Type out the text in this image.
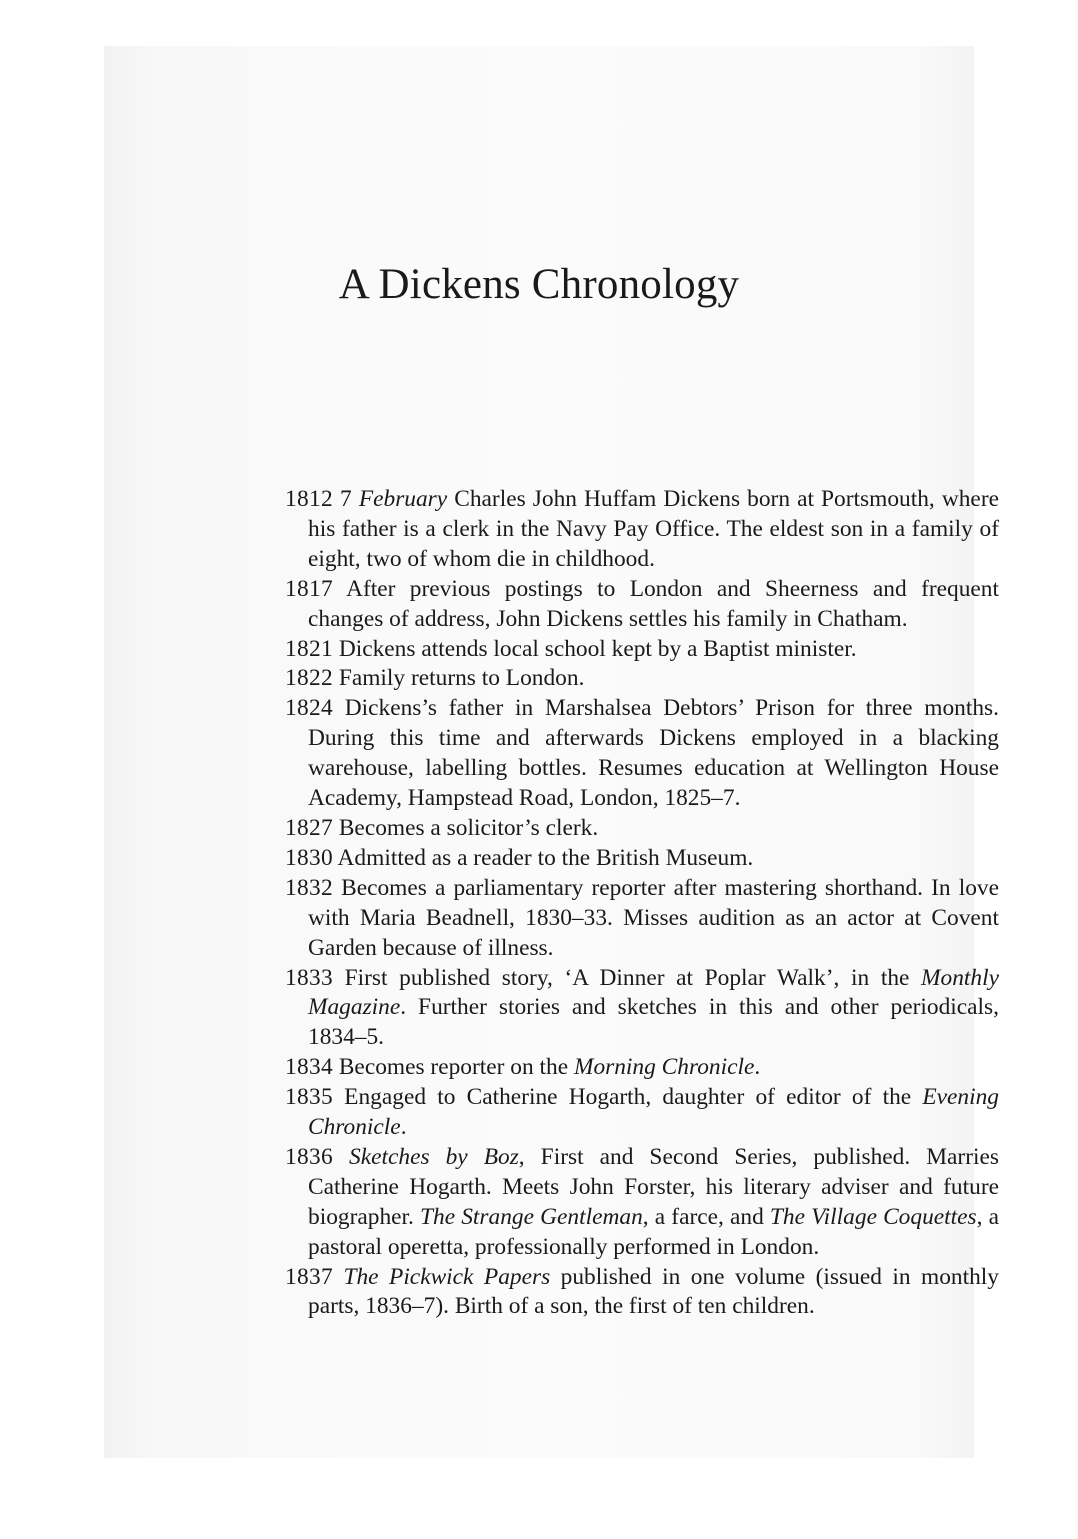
A Dickens Chronology
1812 7 February Charles John Huffam Dickens born at Portsmouth, where his father is a clerk in the Navy Pay Office. The eldest son in a family of eight, two of whom die in childhood.
1817 After previous postings to London and Sheerness and frequent changes of address, John Dickens settles his family in Chatham.
1821 Dickens attends local school kept by a Baptist minister.
1822 Family returns to London.
1824 Dickens’s father in Marshalsea Debtors’ Prison for three months. During this time and afterwards Dickens employed in a blacking warehouse, labelling bottles. Resumes education at Wellington House Academy, Hampstead Road, London, 1825–7.
1827 Becomes a solicitor’s clerk.
1830 Admitted as a reader to the British Museum.
1832 Becomes a parliamentary reporter after mastering shorthand. In love with Maria Beadnell, 1830–33. Misses audition as an actor at Covent Garden because of illness.
1833 First published story, ‘A Dinner at Poplar Walk’, in the Monthly Magazine. Further stories and sketches in this and other periodicals, 1834–5.
1834 Becomes reporter on the Morning Chronicle.
1835 Engaged to Catherine Hogarth, daughter of editor of the Evening Chronicle.
1836 Sketches by Boz, First and Second Series, published. Marries Catherine Hogarth. Meets John Forster, his literary adviser and future biographer. The Strange Gentleman, a farce, and The Village Coquettes, a pastoral operetta, professionally performed in London.
1837 The Pickwick Papers published in one volume (issued in monthly parts, 1836–7). Birth of a son, the first of ten children.
